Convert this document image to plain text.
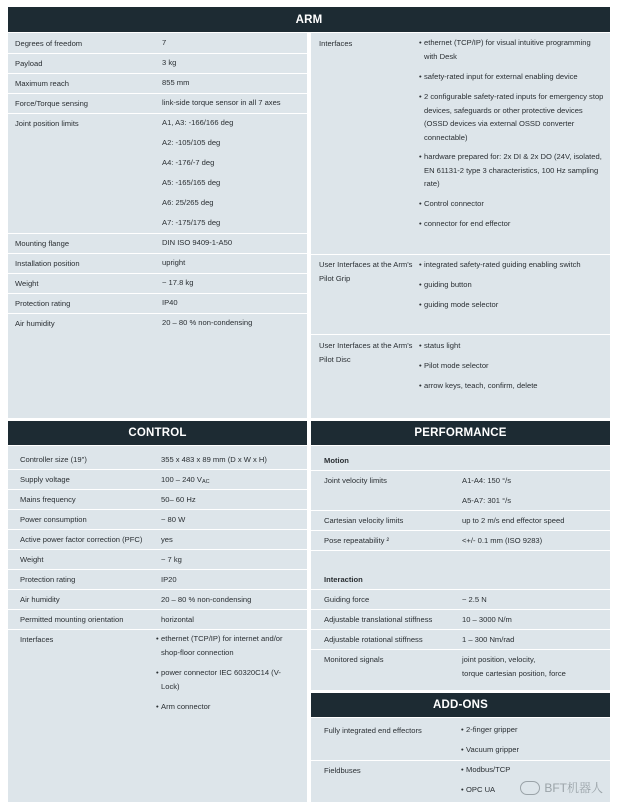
ARM
Degrees of freedom	7
Payload	3 kg
Maximum reach	855 mm
Force/Torque sensing	link-side torque sensor in all 7 axes
Joint position limits	A1, A3: -166/166 deg
A2: -105/105 deg
A4: -176/-7 deg
A5: -165/165 deg
A6: 25/265 deg
A7: -175/175 deg
Mounting flange	DIN ISO 9409-1-A50
Installation position	upright
Weight	~ 17.8 kg
Protection rating	IP40
Air humidity	20 – 80 % non-condensing
Interfaces	• ethernet (TCP/IP) for visual intuitive programming with Desk
• safety-rated input for external enabling device
• 2 configurable safety-rated inputs for emergency stop devices, safeguards or other protective devices (OSSD devices via external OSSD converter connectable)
• hardware prepared for: 2x DI & 2x DO (24V, isolated, EN 61131-2 type 3 characteristics, 100 Hz sampling rate)
• Control connector
• connector for end effector
User Interfaces at the Arm's Pilot Grip
• integrated safety-rated guiding enabling switch
• guiding button
• guiding mode selector
User Interfaces at the Arm's Pilot Disc
• status light
• Pilot mode selector
• arrow keys, teach, confirm, delete
CONTROL
Controller size (19")	355 x 483 x 89 mm (D x W x H)
Supply voltage	100 – 240 $V_{AC}$
Mains frequency	50– 60 Hz
Power consumption	~ 80 W
Active power factor correction (PFC) yes
Weight	~ 7 kg
Protection rating	IP20
Air humidity	20 – 80 % non-condensing
Permitted mounting orientation	horizontal
Interfaces	• ethernet (TCP/IP) for internet and/or shop-floor connection
• power connector IEC 60320C14 (V-Lock)
• Arm connector
PERFORMANCE
Motion
Joint velocity limits	A1-A4: 150 °/s
A5-A7: 301 °/s
Cartesian velocity limits	up to 2 m/s end effector speed
Pose repeatability ²	<+/- 0.1 mm (ISO 9283)
Interaction
Guiding force	~ 2.5 N
Adjustable translational stiffness	10 – 3000 N/m
Adjustable rotational stiffness	1 – 300 Nm/rad
Monitored signals	joint position, velocity,
torque cartesian position, force
ADD-ONS
Fully integrated end effectors	• 2-finger gripper
• Vacuum gripper
Fieldbuses	• Modbus/TCP
• OPC UA	BFT机器人
